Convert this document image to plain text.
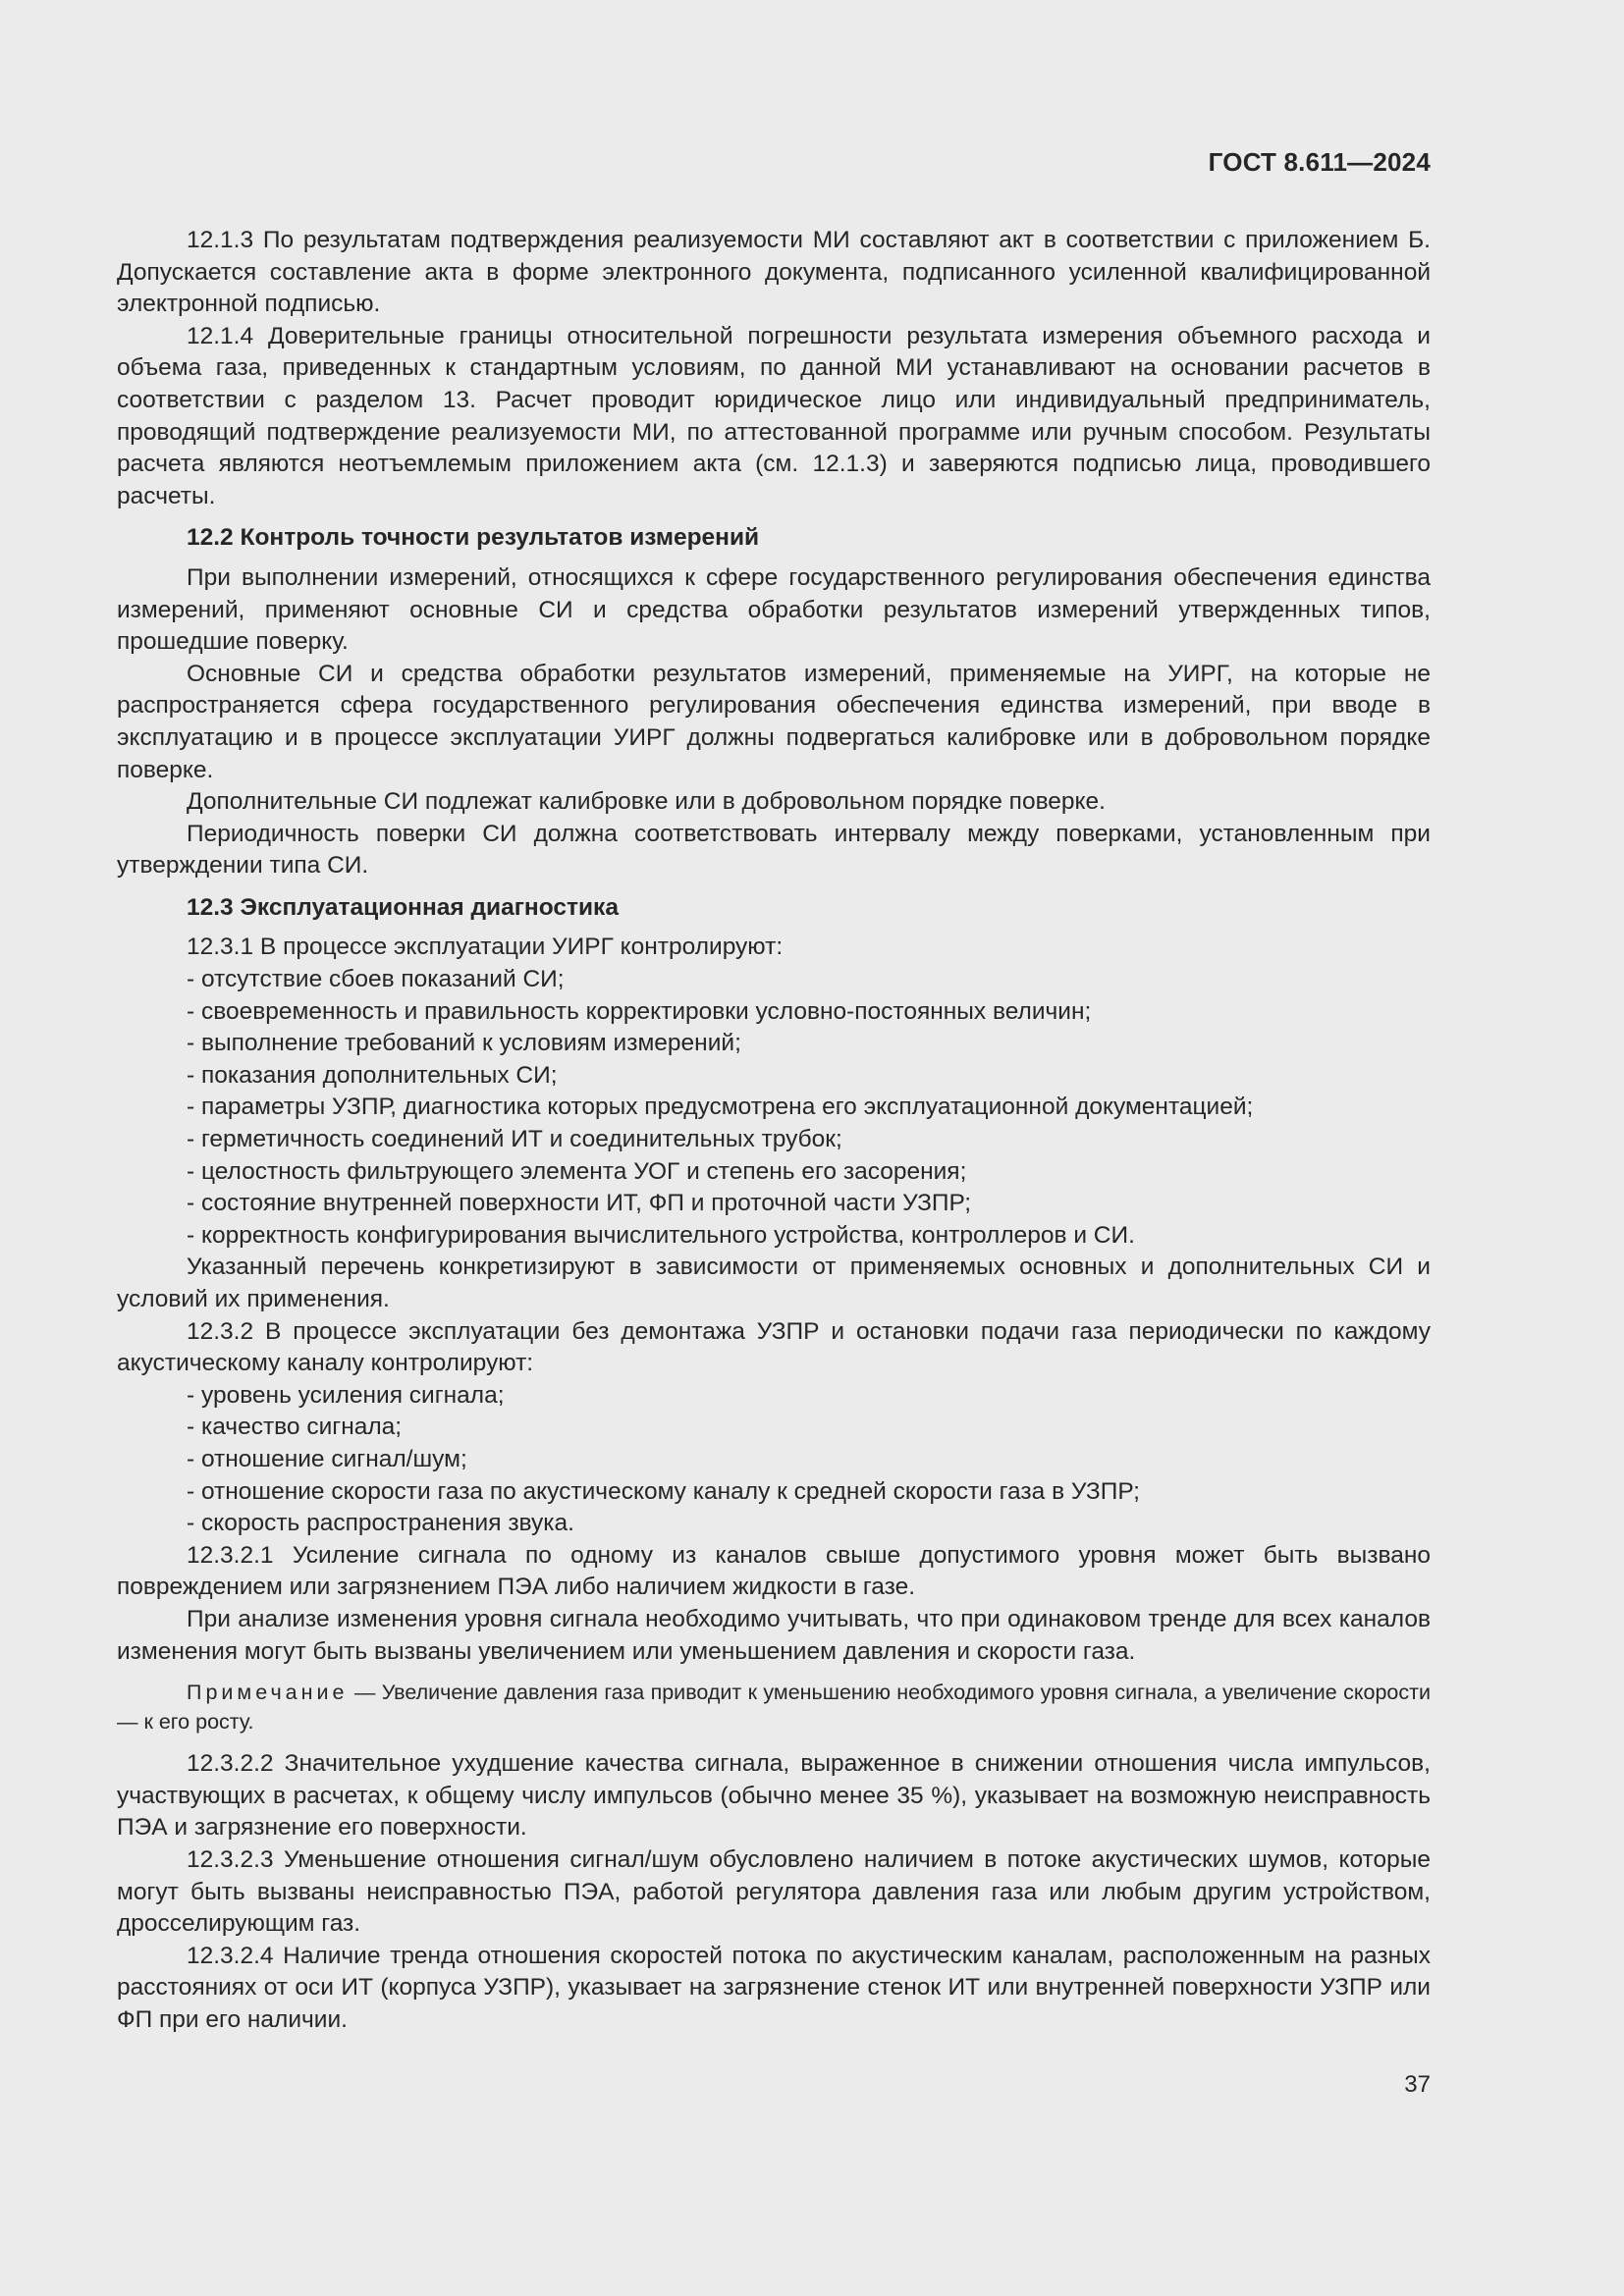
ГОСТ 8.611—2024

12.1.3 По результатам подтверждения реализуемости МИ составляют акт в соответствии с приложением Б. Допускается составление акта в форме электронного документа, подписанного усиленной квалифицированной электронной подписью.

12.1.4 Доверительные границы относительной погрешности результата измерения объемного расхода и объема газа, приведенных к стандартным условиям, по данной МИ устанавливают на основании расчетов в соответствии с разделом 13. Расчет проводит юридическое лицо или индивидуальный предприниматель, проводящий подтверждение реализуемости МИ, по аттестованной программе или ручным способом. Результаты расчета являются неотъемлемым приложением акта (см. 12.1.3) и заверяются подписью лица, проводившего расчеты.

12.2 Контроль точности результатов измерений

При выполнении измерений, относящихся к сфере государственного регулирования обеспечения единства измерений, применяют основные СИ и средства обработки результатов измерений утвержденных типов, прошедшие поверку.

Основные СИ и средства обработки результатов измерений, применяемые на УИРГ, на которые не распространяется сфера государственного регулирования обеспечения единства измерений, при вводе в эксплуатацию и в процессе эксплуатации УИРГ должны подвергаться калибровке или в добровольном порядке поверке.

Дополнительные СИ подлежат калибровке или в добровольном порядке поверке.

Периодичность поверки СИ должна соответствовать интервалу между поверками, установленным при утверждении типа СИ.

12.3 Эксплуатационная диагностика

12.3.1 В процессе эксплуатации УИРГ контролируют:

- отсутствие сбоев показаний СИ;

- своевременность и правильность корректировки условно-постоянных величин;

- выполнение требований к условиям измерений;

- показания дополнительных СИ;

- параметры УЗПР, диагностика которых предусмотрена его эксплуатационной документацией;

- герметичность соединений ИТ и соединительных трубок;

- целостность фильтрующего элемента УОГ и степень его засорения;

- состояние внутренней поверхности ИТ, ФП и проточной части УЗПР;

- корректность конфигурирования вычислительного устройства, контроллеров и СИ.

Указанный перечень конкретизируют в зависимости от применяемых основных и дополнительных СИ и условий их применения.

12.3.2 В процессе эксплуатации без демонтажа УЗПР и остановки подачи газа периодически по каждому акустическому каналу контролируют:

- уровень усиления сигнала;

- качество сигнала;

- отношение сигнал/шум;

- отношение скорости газа по акустическому каналу к средней скорости газа в УЗПР;

- скорость распространения звука.

12.3.2.1 Усиление сигнала по одному из каналов свыше допустимого уровня может быть вызвано повреждением или загрязнением ПЭА либо наличием жидкости в газе.

При анализе изменения уровня сигнала необходимо учитывать, что при одинаковом тренде для всех каналов изменения могут быть вызваны увеличением или уменьшением давления и скорости газа.

Примечание — Увеличение давления газа приводит к уменьшению необходимого уровня сигнала, а увеличение скорости — к его росту.

12.3.2.2 Значительное ухудшение качества сигнала, выраженное в снижении отношения числа импульсов, участвующих в расчетах, к общему числу импульсов (обычно менее 35 %), указывает на возможную неисправность ПЭА и загрязнение его поверхности.

12.3.2.3 Уменьшение отношения сигнал/шум обусловлено наличием в потоке акустических шумов, которые могут быть вызваны неисправностью ПЭА, работой регулятора давления газа или любым другим устройством, дросселирующим газ.

12.3.2.4 Наличие тренда отношения скоростей потока по акустическим каналам, расположенным на разных расстояниях от оси ИТ (корпуса УЗПР), указывает на загрязнение стенок ИТ или внутренней поверхности УЗПР или ФП при его наличии.

37
